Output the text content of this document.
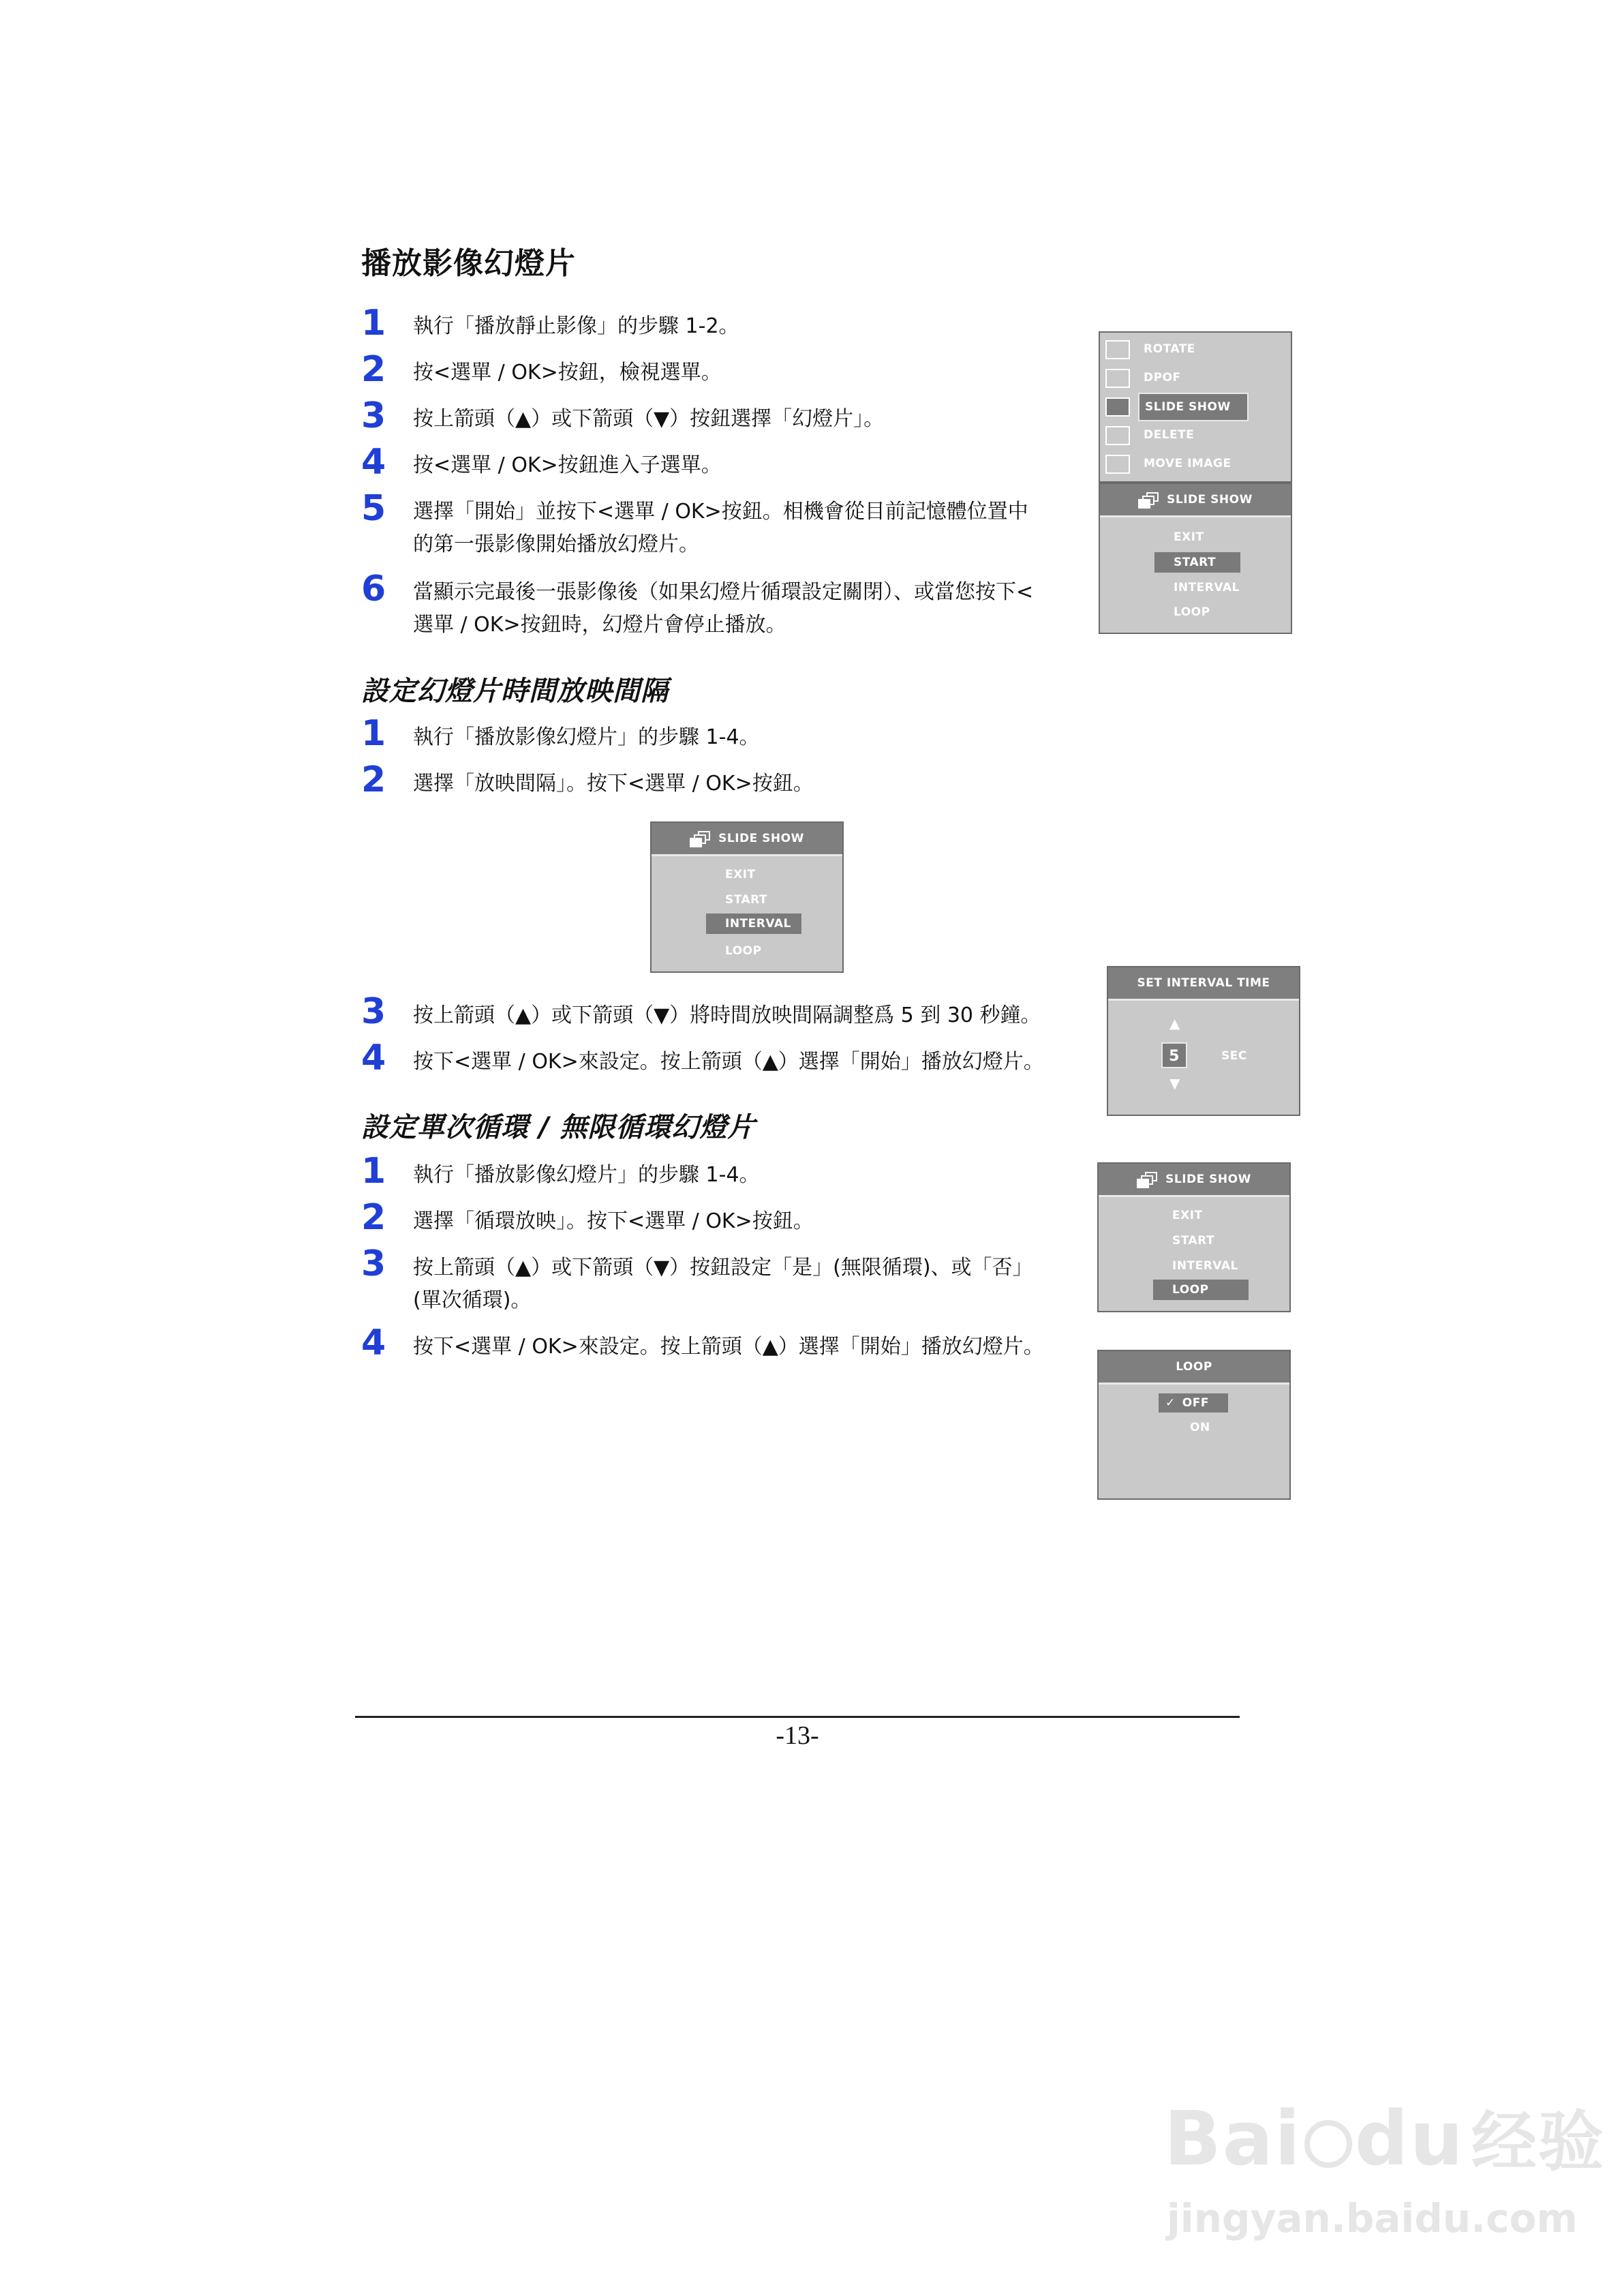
播放影像幻燈片
1	執行「播放靜止影像」的步驟 1-2。
2	按<選單 / OK>按鈕，檢視選單。
3	按上箭頭（▲）或下箭頭（▼）按鈕選擇「幻燈片」。
4	按<選單 / OK>按鈕進入子選單。
5	選擇「開始」並按下<選單 / OK>按鈕。相機會從目前記憶體位置中
的第一張影像開始播放幻燈片。
6	當顯示完最後一張影像後（如果幻燈片循環設定關閉）、或當您按下<
選單 / OK>按鈕時，幻燈片會停止播放。
ROTATE
DPOF
SLIDE SHOW
DELETE
MOVE IMAGE
SLIDE SHOW
EXIT
START
INTERVAL
LOOP
設定幻燈片時間放映間隔
1	執行「播放影像幻燈片」的步驟 1-4。
2	選擇「放映間隔」。按下<選單 / OK>按鈕。
SLIDE SHOW
EXIT
START
INTERVAL
LOOP
3	按上箭頭（▲）或下箭頭（▼）將時間放映間隔調整爲 5 到 30 秒鐘。
4	按下<選單 / OK>來設定。按上箭頭（▲）選擇「開始」播放幻燈片。
SET INTERVAL TIME
▲
5	SEC
▼
設定單次循環 / 無限循環幻燈片
1	執行「播放影像幻燈片」的步驟 1-4。
2	選擇「循環放映」。按下<選單 / OK>按鈕。
3	按上箭頭（▲）或下箭頭（▼）按鈕設定「是」(無限循環)、或「否」
(單次循環)。
4	按下<選單 / OK>來設定。按上箭頭（▲）選擇「開始」播放幻燈片。
SLIDE SHOW
EXIT
START
INTERVAL
LOOP
LOOP
✓ OFF
ON
-13-
Bai du 经验
jingyan.baidu.com
